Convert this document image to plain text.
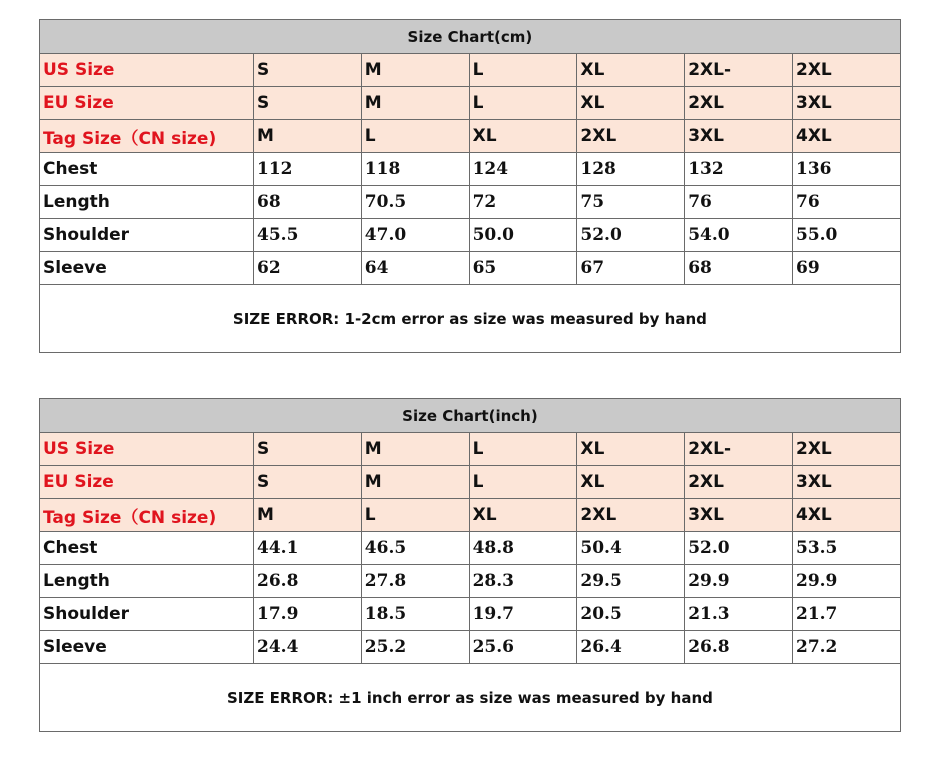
Size Chart(cm)						
US Size	S	M	L	XL	2XL-	2XL
EU Size	S	M	L	XL	2XL	3XL
Tag Size（CN size)	M	L	XL	2XL	3XL	4XL
Chest	112	118	124	128	132	136
Length	68	70.5	72	75	76	76
Shoulder	45.5	47.0	50.0	52.0	54.0	55.0
Sleeve	62	64	65	67	68	69
SIZE ERROR: 1-2cm error as size was measured by hand						
Size Chart(inch)						
US Size	S	M	L	XL	2XL-	2XL
EU Size	S	M	L	XL	2XL	3XL
Tag Size（CN size)	M	L	XL	2XL	3XL	4XL
Chest	44.1	46.5	48.8	50.4	52.0	53.5
Length	26.8	27.8	28.3	29.5	29.9	29.9
Shoulder	17.9	18.5	19.7	20.5	21.3	21.7
Sleeve	24.4	25.2	25.6	26.4	26.8	27.2
SIZE ERROR: ±1 inch error as size was measured by hand						
